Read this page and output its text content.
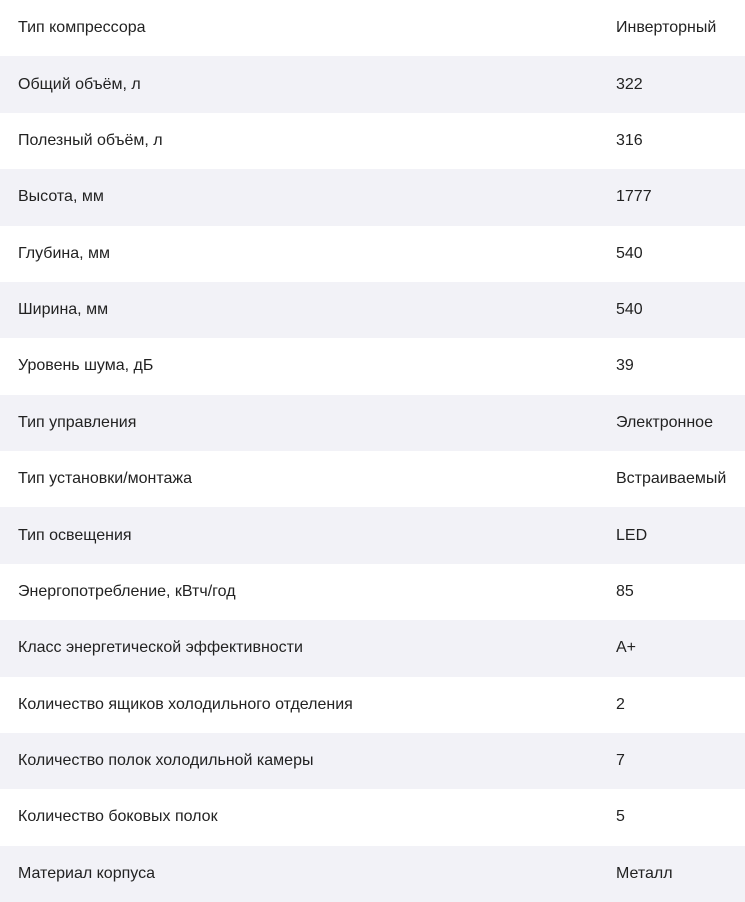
Тип компрессора	Инверторный
Общий объём, л	322
Полезный объём, л	316
Высота, мм	1777
Глубина, мм	540
Ширина, мм	540
Уровень шума, дБ	39
Тип управления	Электронное
Тип установки/монтажа	Встраиваемый
Тип освещения	LED
Энергопотребление, кВтч/год	85
Класс энергетической эффективности	A+
Количество ящиков холодильного отделения	2
Количество полок холодильной камеры	7
Количество боковых полок	5
Материал корпуса	Металл
